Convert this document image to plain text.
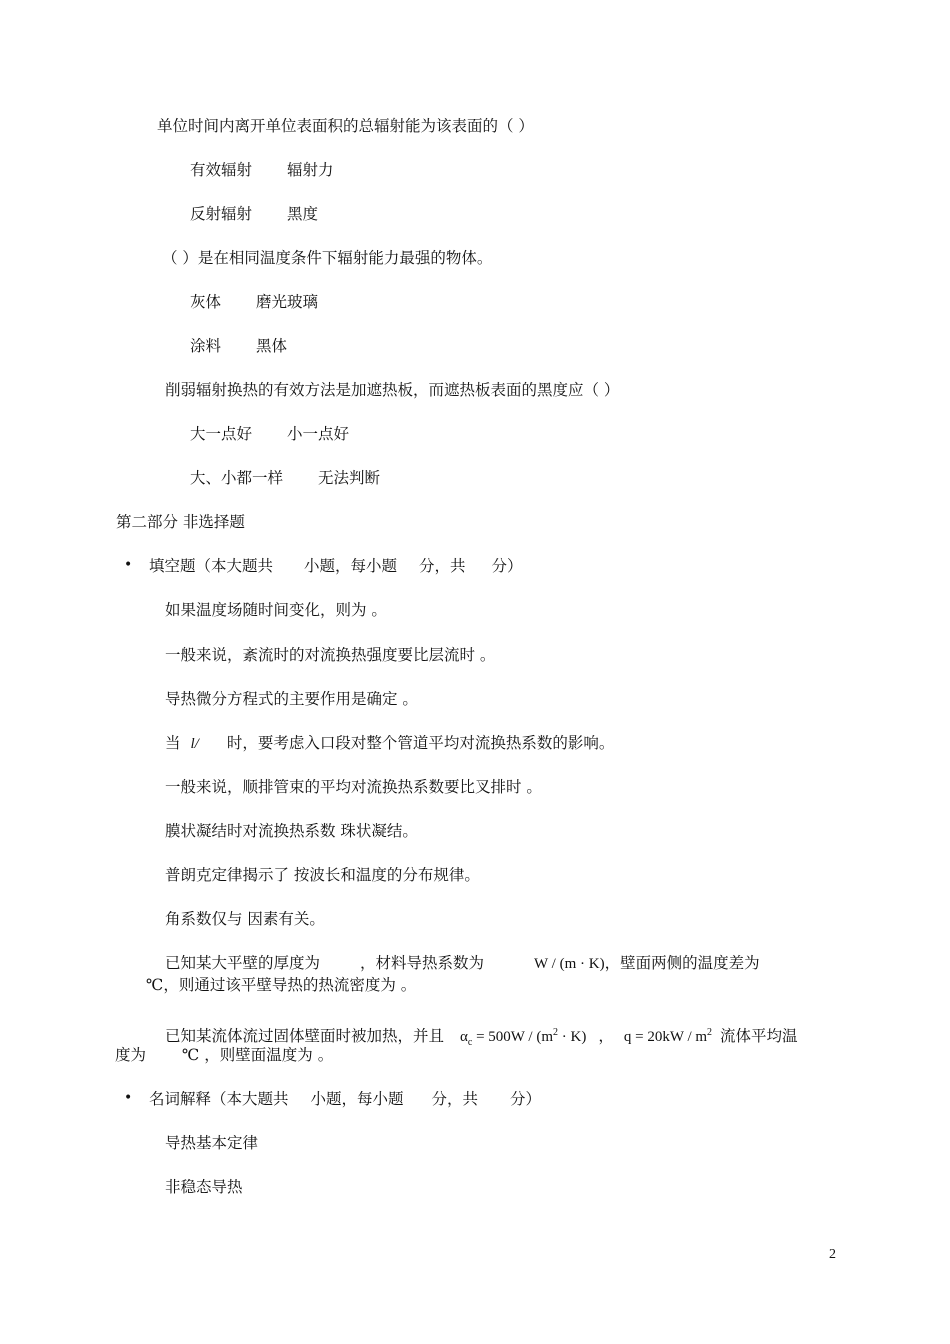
单位时间内离开单位表面积的总辐射能为该表面的（ ）
有效辐射 辐射力
反射辐射 黑度
（ ）是在相同温度条件下辐射能力最强的物体。
灰体 磨光玻璃
涂料 黑体
削弱辐射换热的有效方法是加遮热板，而遮热板表面的黑度应（ ）
大一点好 小一点好
大、小都一样 无法判断
第二部分 非选择题
• 填空题（本大题共 小题，每小题 分，共 分）
如果温度场随时间变化，则为 。
一般来说，紊流时的对流换热强度要比层流时 。
导热微分方程式的主要作用是确定 。
当 l/ 时，要考虑入口段对整个管道平均对流换热系数的影响。
一般来说，顺排管束的平均对流换热系数要比叉排时 。
膜状凝结时对流换热系数 珠状凝结。
普朗克定律揭示了 按波长和温度的分布规律。
角系数仅与 因素有关。
已知某大平壁的厚度为	，材料导热系数为	W / (m · K)，壁面两侧的温度差为
℃，则通过该平壁导热的热流密度为 。
已知某流体流过固体壁面时被加热，并且 $\alpha_c = 500W / (m^2 \cdot K)$ ， $q = 20kW / m^2$ 流体平均温
度为 ℃ ，则壁面温度为 。
• 名词解释（本大题共 小题，每小题 分，共 分）
导热基本定律
非稳态导热
2
